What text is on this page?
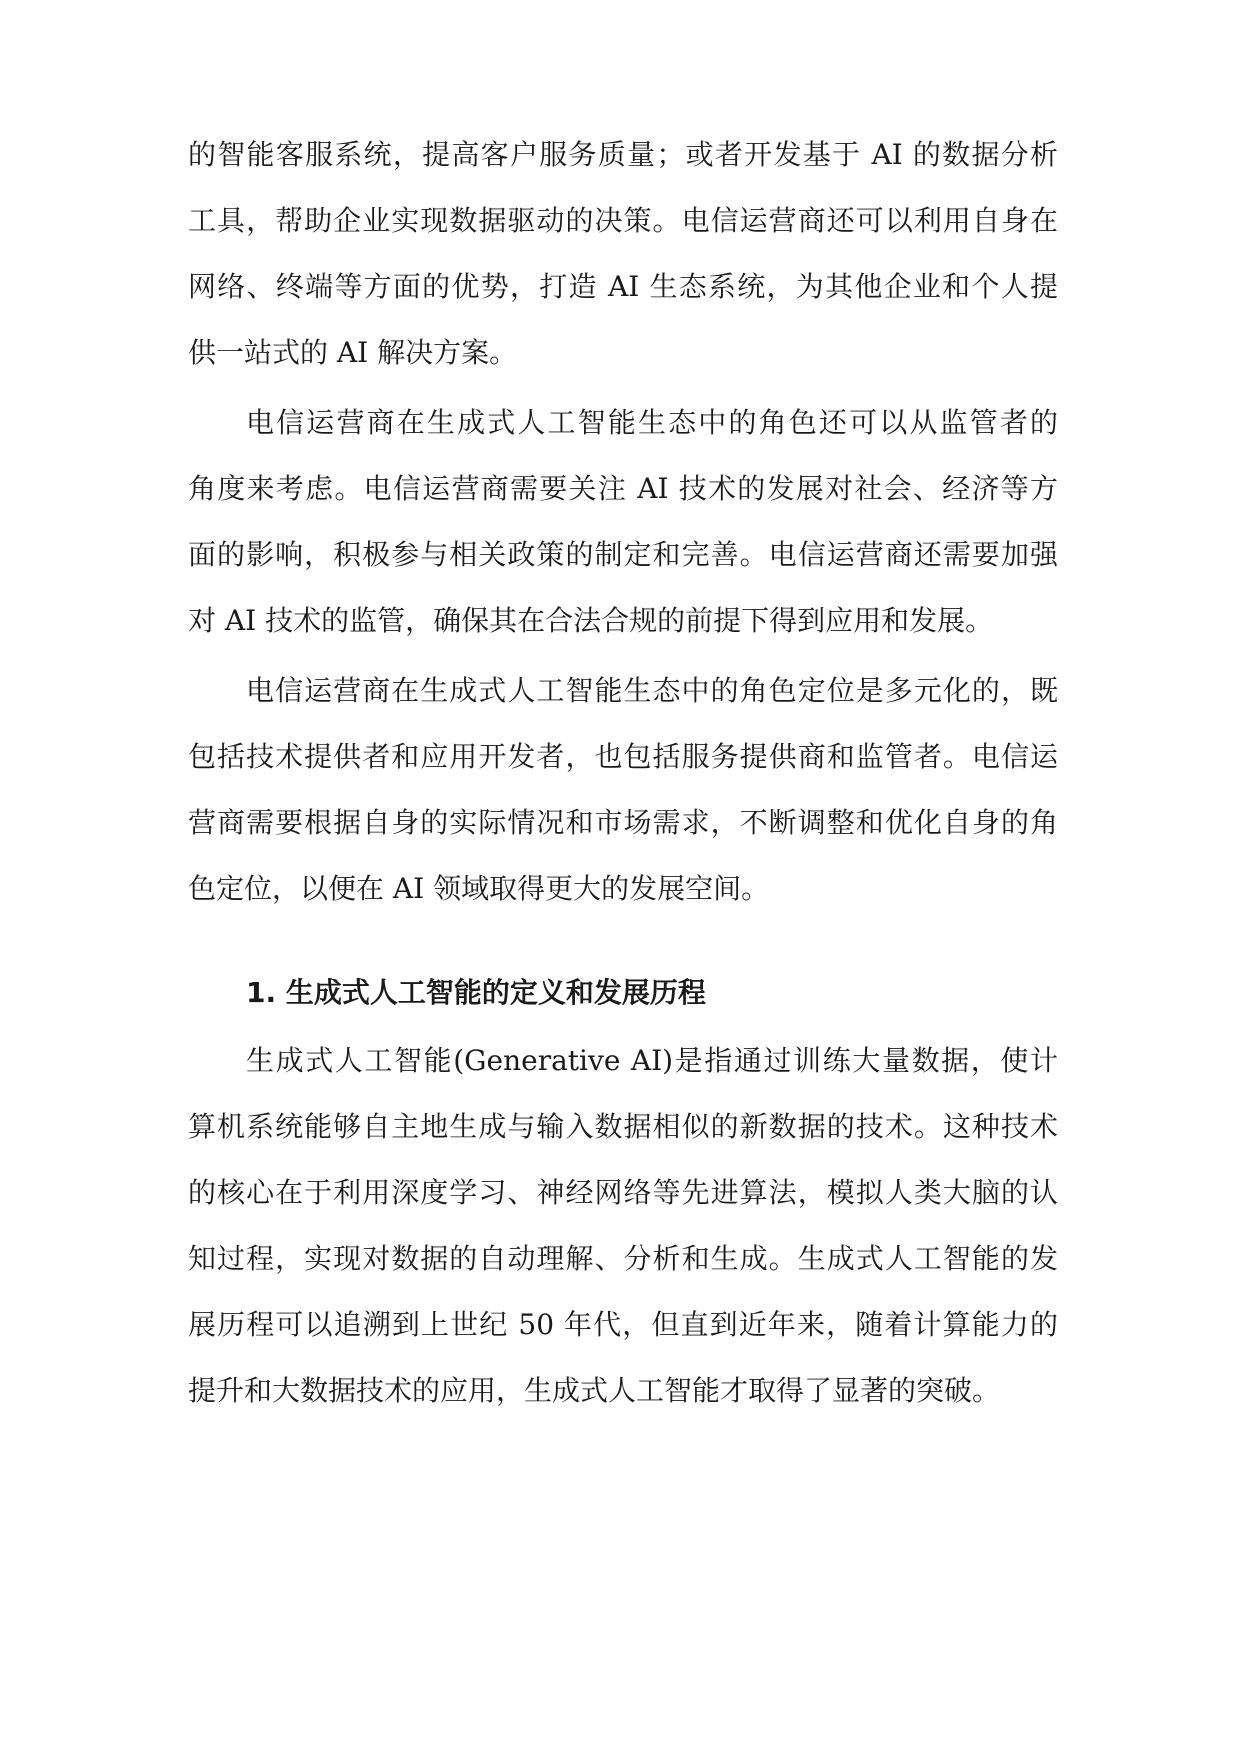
的智能客服系统，提高客户服务质量；或者开发基于 AI 的数据分析
工具，帮助企业实现数据驱动的决策。电信运营商还可以利用自身在
网络、终端等方面的优势，打造 AI 生态系统，为其他企业和个人提
供一站式的 AI 解决方案。
电信运营商在生成式人工智能生态中的角色还可以从监管者的
角度来考虑。电信运营商需要关注 AI 技术的发展对社会、经济等方
面的影响，积极参与相关政策的制定和完善。电信运营商还需要加强
对 AI 技术的监管，确保其在合法合规的前提下得到应用和发展。
电信运营商在生成式人工智能生态中的角色定位是多元化的，既
包括技术提供者和应用开发者，也包括服务提供商和监管者。电信运
营商需要根据自身的实际情况和市场需求，不断调整和优化自身的角
色定位，以便在 AI 领域取得更大的发展空间。
1. 生成式人工智能的定义和发展历程
生成式人工智能(Generative AI)是指通过训练大量数据，使计
算机系统能够自主地生成与输入数据相似的新数据的技术。这种技术
的核心在于利用深度学习、神经网络等先进算法，模拟人类大脑的认
知过程，实现对数据的自动理解、分析和生成。生成式人工智能的发
展历程可以追溯到上世纪 50 年代，但直到近年来，随着计算能力的
提升和大数据技术的应用，生成式人工智能才取得了显著的突破。
